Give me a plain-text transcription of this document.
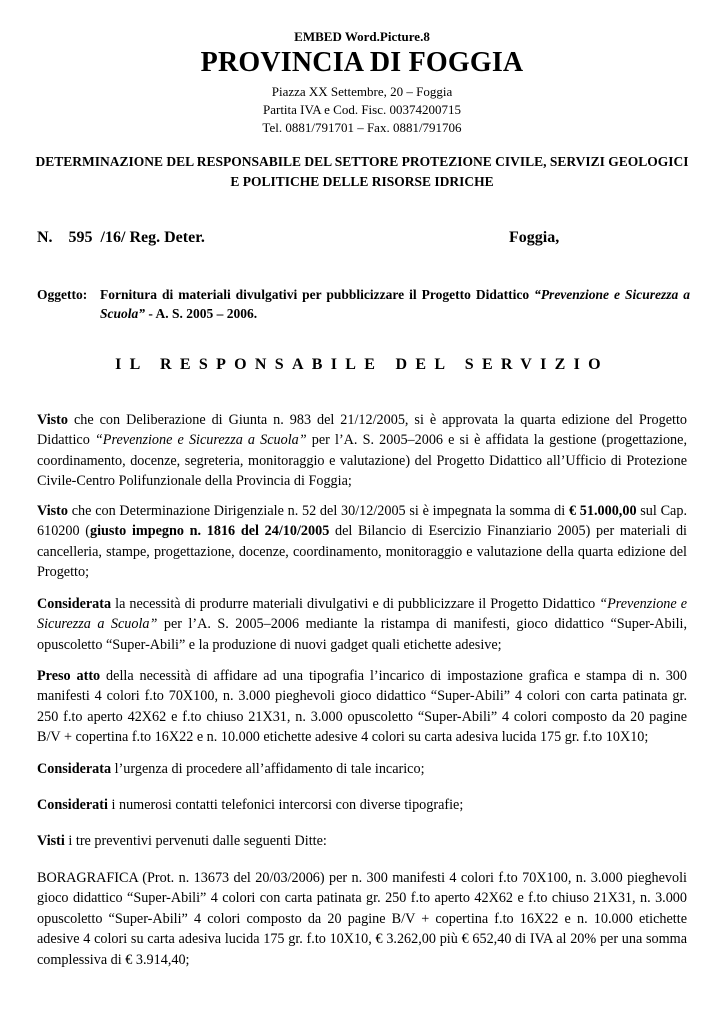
EMBED Word.Picture.8
PROVINCIA DI FOGGIA
Piazza XX Settembre, 20 – Foggia
Partita IVA e Cod. Fisc. 00374200715
Tel. 0881/791701 – Fax. 0881/791706
DETERMINAZIONE DEL RESPONSABILE DEL SETTORE PROTEZIONE CIVILE, SERVIZI GEOLOGICI E POLITICHE DELLE RISORSE IDRICHE
N.    595  /16/ Reg. Deter.	Foggia,
Oggetto: Fornitura di materiali divulgativi per pubblicizzare il Progetto Didattico “Prevenzione e Sicurezza a Scuola” - A. S. 2005 – 2006.
IL RESPONSABILE DEL SERVIZIO
Visto che con Deliberazione di Giunta n. 983 del 21/12/2005, si è approvata la quarta edizione del Progetto Didattico “Prevenzione e Sicurezza a Scuola” per l’A. S. 2005–2006 e si è affidata la gestione (progettazione, coordinamento, docenze, segreteria, monitoraggio e valutazione) del Progetto Didattico all’Ufficio di Protezione Civile-Centro Polifunzionale della Provincia di Foggia;
Visto che con Determinazione Dirigenziale n. 52 del 30/12/2005 si è impegnata la somma di € 51.000,00 sul Cap. 610200 (giusto impegno n. 1816 del 24/10/2005 del Bilancio di Esercizio Finanziario 2005) per materiali di cancelleria, stampe, progettazione, docenze, coordinamento, monitoraggio e valutazione della quarta edizione del Progetto;
Considerata la necessità di produrre materiali divulgativi e di pubblicizzare il Progetto Didattico “Prevenzione e Sicurezza a Scuola” per l’A. S. 2005–2006 mediante la ristampa di manifesti, gioco didattico “Super-Abili, opuscoletto “Super-Abili” e la produzione di nuovi gadget quali etichette adesive;
Preso atto della necessità di affidare ad una tipografia l’incarico di impostazione grafica e stampa di n. 300 manifesti 4 colori f.to 70X100, n. 3.000 pieghevoli gioco didattico “Super-Abili” 4 colori con carta patinata gr. 250 f.to aperto 42X62 e f.to chiuso 21X31, n. 3.000 opuscoletto “Super-Abili” 4 colori composto da 20 pagine B/V + copertina f.to 16X22 e n. 10.000 etichette adesive 4 colori su carta adesiva lucida 175 gr. f.to 10X10;
Considerata l’urgenza di procedere all’affidamento di tale incarico;
Considerati i numerosi contatti telefonici intercorsi con diverse tipografie;
Visti i tre preventivi pervenuti dalle seguenti Ditte:
BORAGRAFICA (Prot. n. 13673 del 20/03/2006) per n. 300 manifesti 4 colori f.to 70X100, n. 3.000 pieghevoli gioco didattico “Super-Abili” 4 colori con carta patinata gr. 250 f.to aperto 42X62 e f.to chiuso 21X31, n. 3.000 opuscoletto “Super-Abili” 4 colori composto da 20 pagine B/V + copertina f.to 16X22 e n. 10.000 etichette adesive 4 colori su carta adesiva lucida 175 gr. f.to 10X10, € 3.262,00 più € 652,40 di IVA al 20% per una somma complessiva di € 3.914,40;
